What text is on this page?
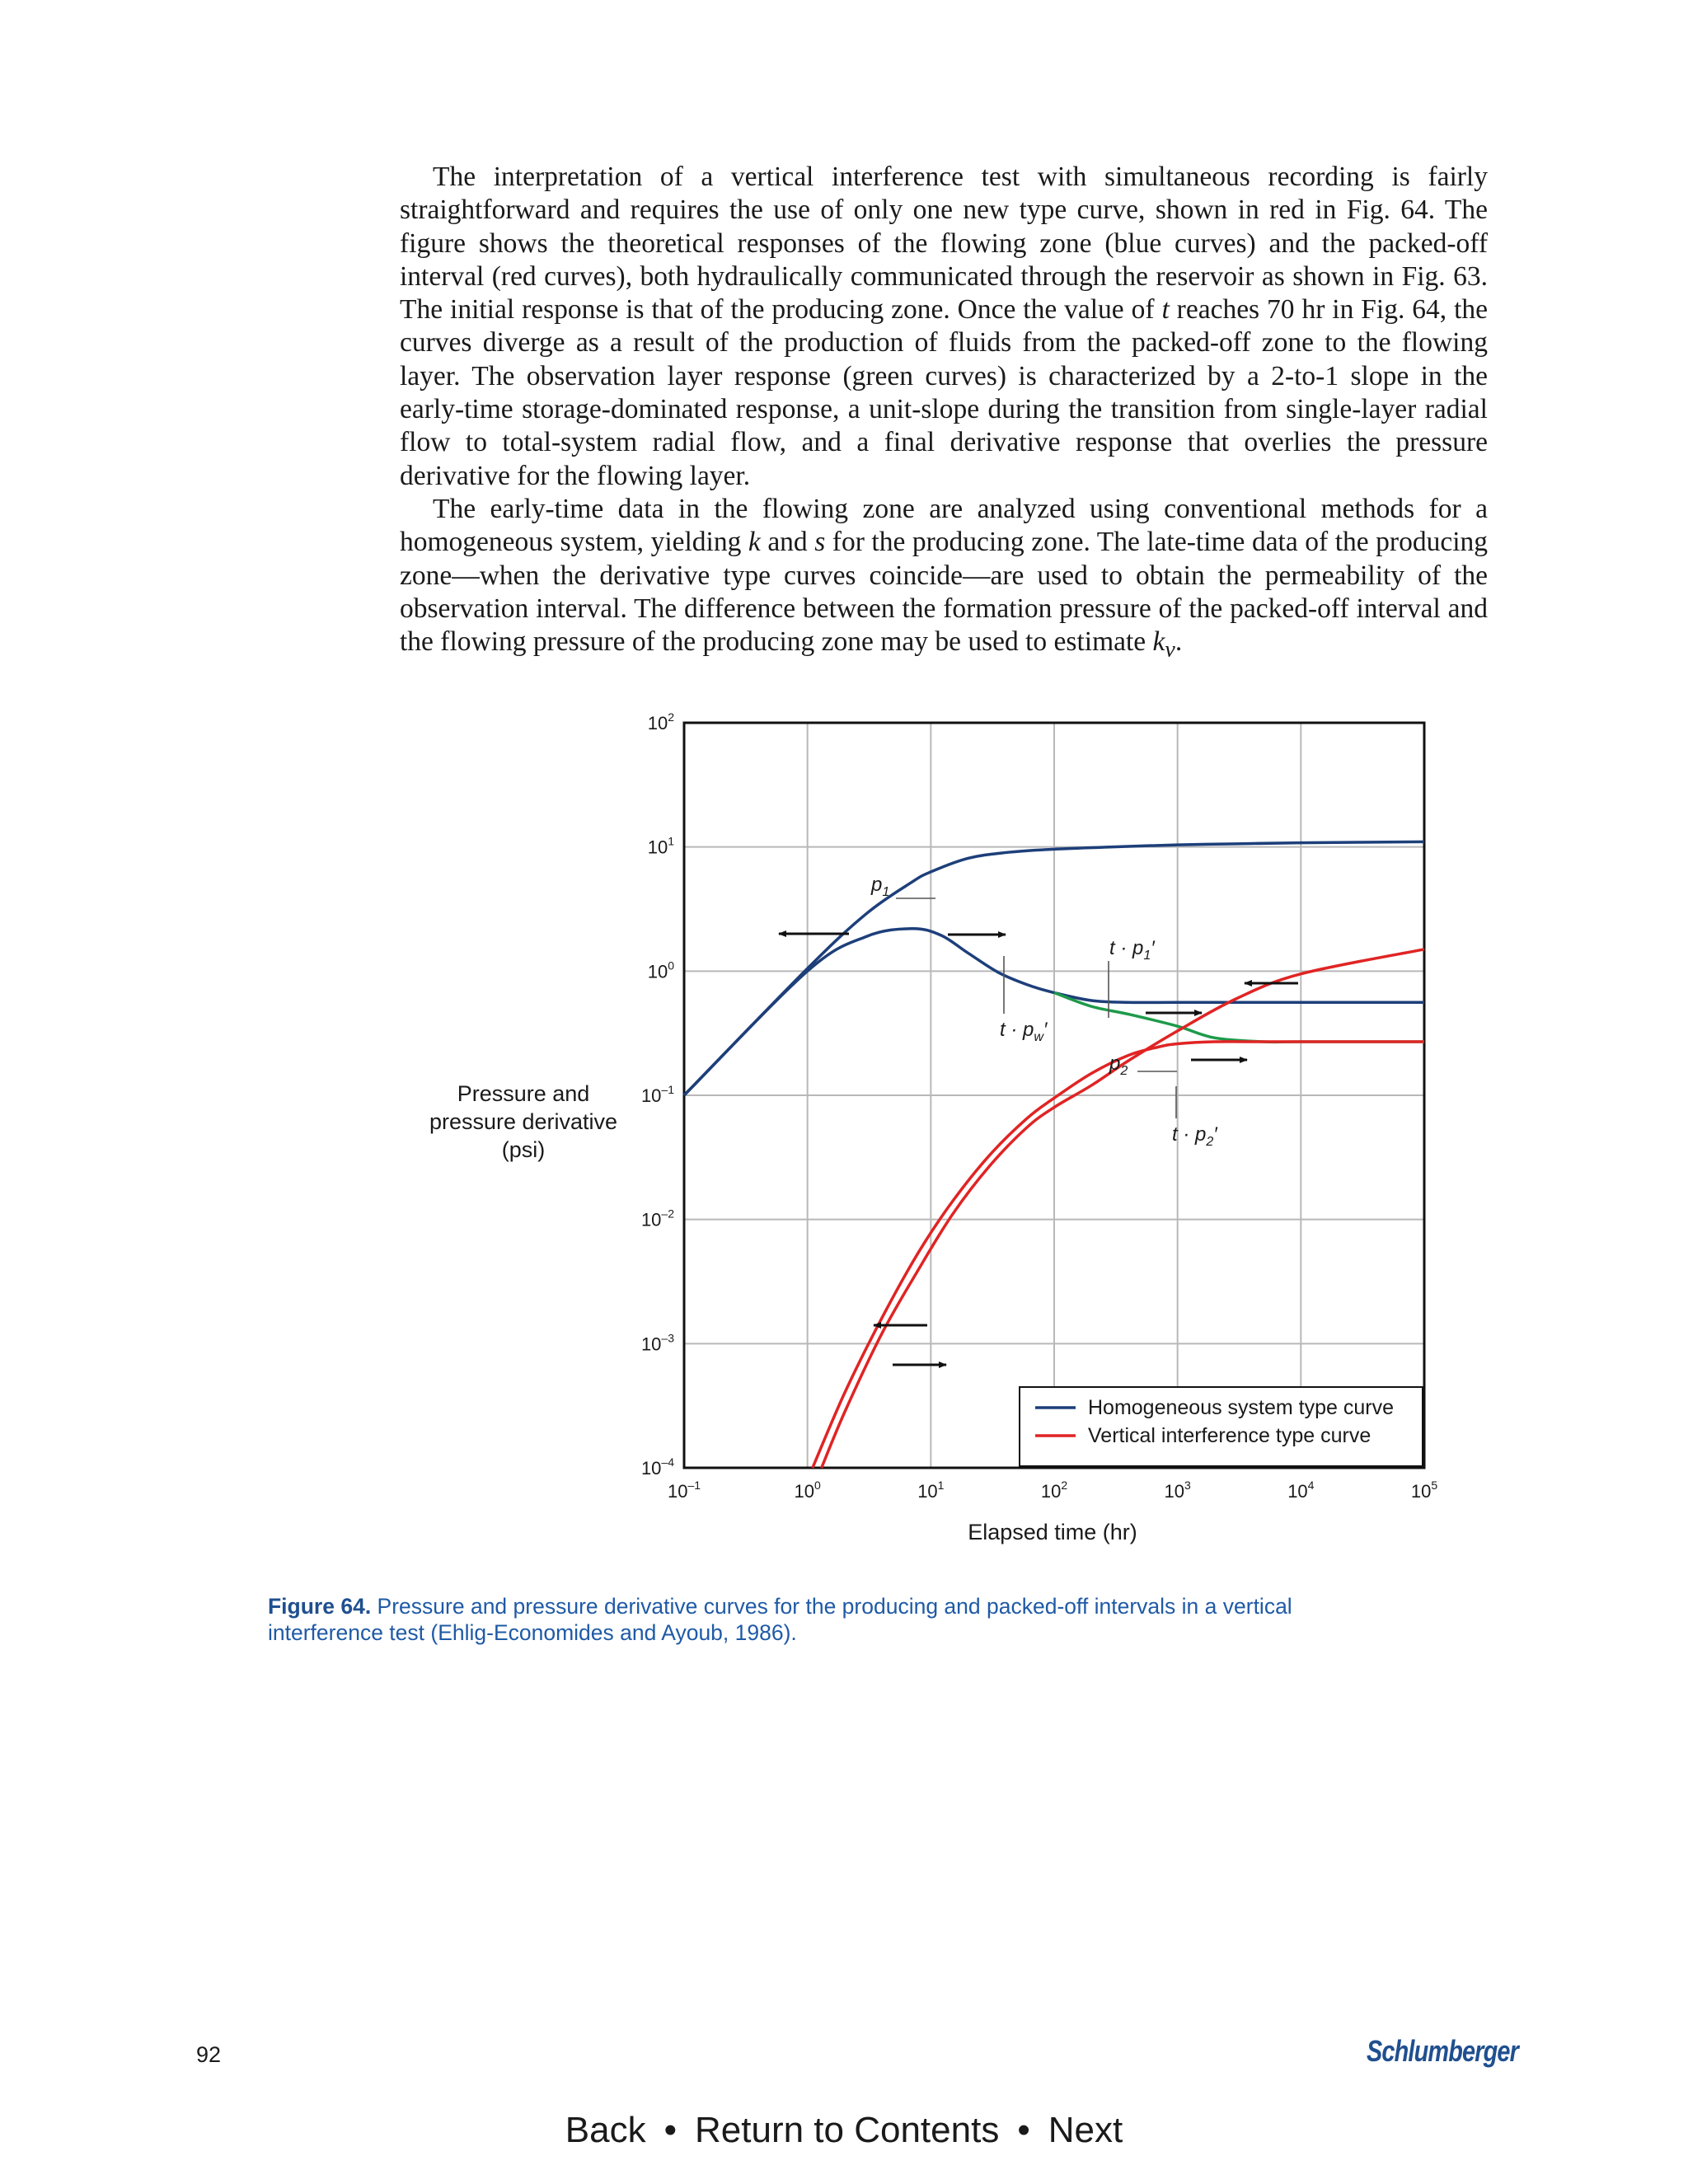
The interpretation of a vertical interference test with simultaneous recording is fairly straightforward and requires the use of only one new type curve, shown in red in Fig. 64. The figure shows the theoretical responses of the flowing zone (blue curves) and the packed-off interval (red curves), both hydraulically communicated through the reservoir as shown in Fig. 63. The initial response is that of the producing zone. Once the value of t reaches 70 hr in Fig. 64, the curves diverge as a result of the production of fluids from the packed-off zone to the flowing layer. The observation layer response (green curves) is characterized by a 2-to-1 slope in the early-time storage-dominated response, a unit-slope during the transition from single-layer radial flow to total-system radial flow, and a final derivative response that overlies the pressure derivative for the flowing layer.

The early-time data in the flowing zone are analyzed using conventional methods for a homogeneous system, yielding k and s for the producing zone. The late-time data of the producing zone—when the derivative type curves coincide—are used to obtain the permeability of the observation interval. The difference between the formation pressure of the packed-off interval and the flowing pressure of the producing zone may be used to estimate $k_v$.

$10^2$
$10^1$
$10^0$
$10^{-1}$
$10^{-2}$
$10^{-3}$
$10^{-4}$
$10^{-1}$	$10^0$	$10^1$	$10^2$	$10^3$	$10^4$	$10^5$
$p_1$
$t \cdot p_1'$
$t \cdot p_w'$
$p_2$
$t \cdot p_2'$
Homogeneous system type curve
Vertical interference type curve
Elapsed time (hr)
Pressure and pressure derivative (psi)
Figure 64. Pressure and pressure derivative curves for the producing and packed-off intervals in a vertical interference test (Ehlig-Economides and Ayoub, 1986).
92	Schlumberger
Back • Return to Contents • Next
